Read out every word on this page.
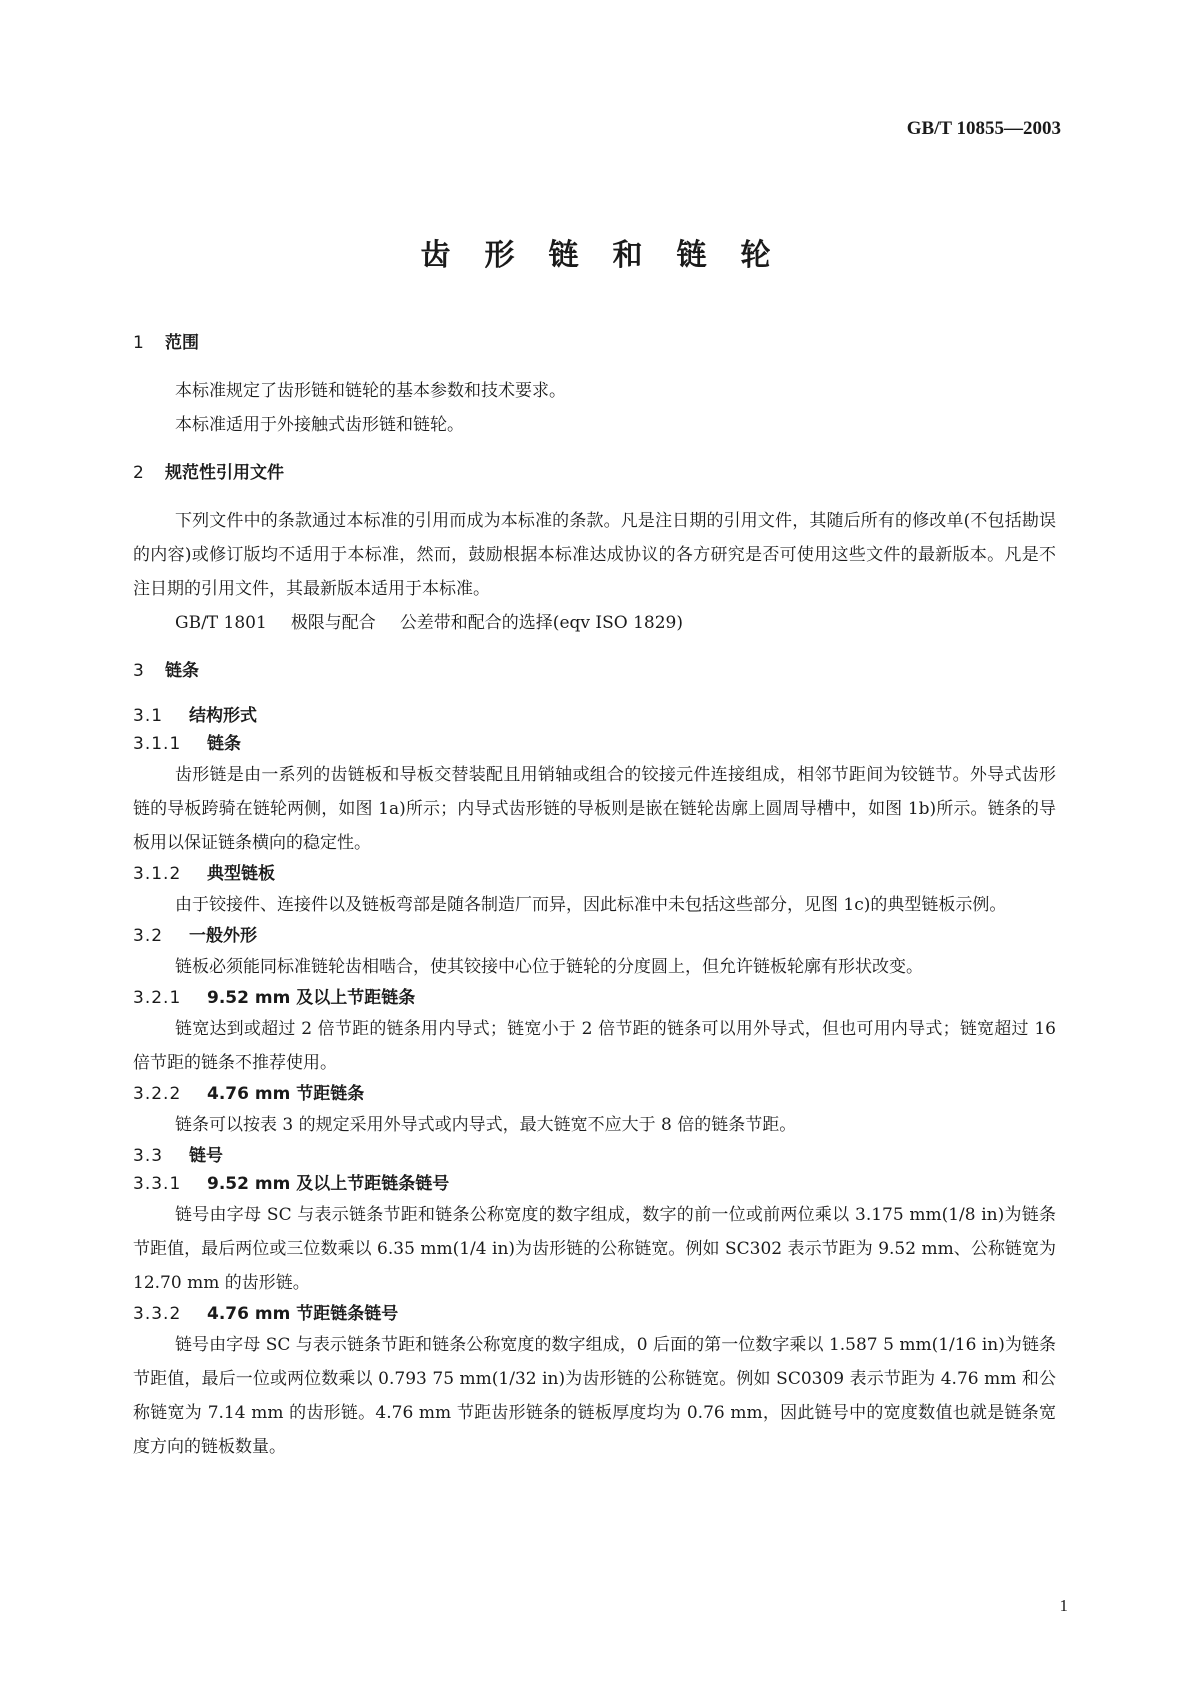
GB/T 10855—2003
齿形链和链轮
1 范围

本标准规定了齿形链和链轮的基本参数和技术要求。

本标准适用于外接触式齿形链和链轮。

2 规范性引用文件

下列文件中的条款通过本标准的引用而成为本标准的条款。凡是注日期的引用文件，其随后所有的修改单(不包括勘误的内容)或修订版均不适用于本标准，然而，鼓励根据本标准达成协议的各方研究是否可使用这些文件的最新版本。凡是不注日期的引用文件，其最新版本适用于本标准。

GB/T 1801 极限与配合 公差带和配合的选择(eqv ISO 1829)

3 链条
3.1 结构形式
3.1.1 链条

齿形链是由一系列的齿链板和导板交替装配且用销轴或组合的铰接元件连接组成，相邻节距间为铰链节。外导式齿形链的导板跨骑在链轮两侧，如图 1a)所示；内导式齿形链的导板则是嵌在链轮齿廓上圆周导槽中，如图 1b)所示。链条的导板用以保证链条横向的稳定性。

3.1.2 典型链板

由于铰接件、连接件以及链板弯部是随各制造厂而异，因此标准中未包括这些部分，见图 1c)的典型链板示例。

3.2 一般外形

链板必须能同标准链轮齿相啮合，使其铰接中心位于链轮的分度圆上，但允许链板轮廓有形状改变。

3.2.1 9.52 mm 及以上节距链条

链宽达到或超过 2 倍节距的链条用内导式；链宽小于 2 倍节距的链条可以用外导式，但也可用内导式；链宽超过 16 倍节距的链条不推荐使用。

3.2.2 4.76 mm 节距链条

链条可以按表 3 的规定采用外导式或内导式，最大链宽不应大于 8 倍的链条节距。

3.3 链号
3.3.1 9.52 mm 及以上节距链条链号

链号由字母 SC 与表示链条节距和链条公称宽度的数字组成，数字的前一位或前两位乘以 3.175 mm(1/8 in)为链条节距值，最后两位或三位数乘以 6.35 mm(1/4 in)为齿形链的公称链宽。例如 SC302 表示节距为 9.52 mm、公称链宽为 12.70 mm 的齿形链。

3.3.2 4.76 mm 节距链条链号

链号由字母 SC 与表示链条节距和链条公称宽度的数字组成，0 后面的第一位数字乘以 1.587 5 mm(1/16 in)为链条节距值，最后一位或两位数乘以 0.793 75 mm(1/32 in)为齿形链的公称链宽。例如 SC0309 表示节距为 4.76 mm 和公称链宽为 7.14 mm 的齿形链。4.76 mm 节距齿形链条的链板厚度均为 0.76 mm，因此链号中的宽度数值也就是链条宽度方向的链板数量。

1
